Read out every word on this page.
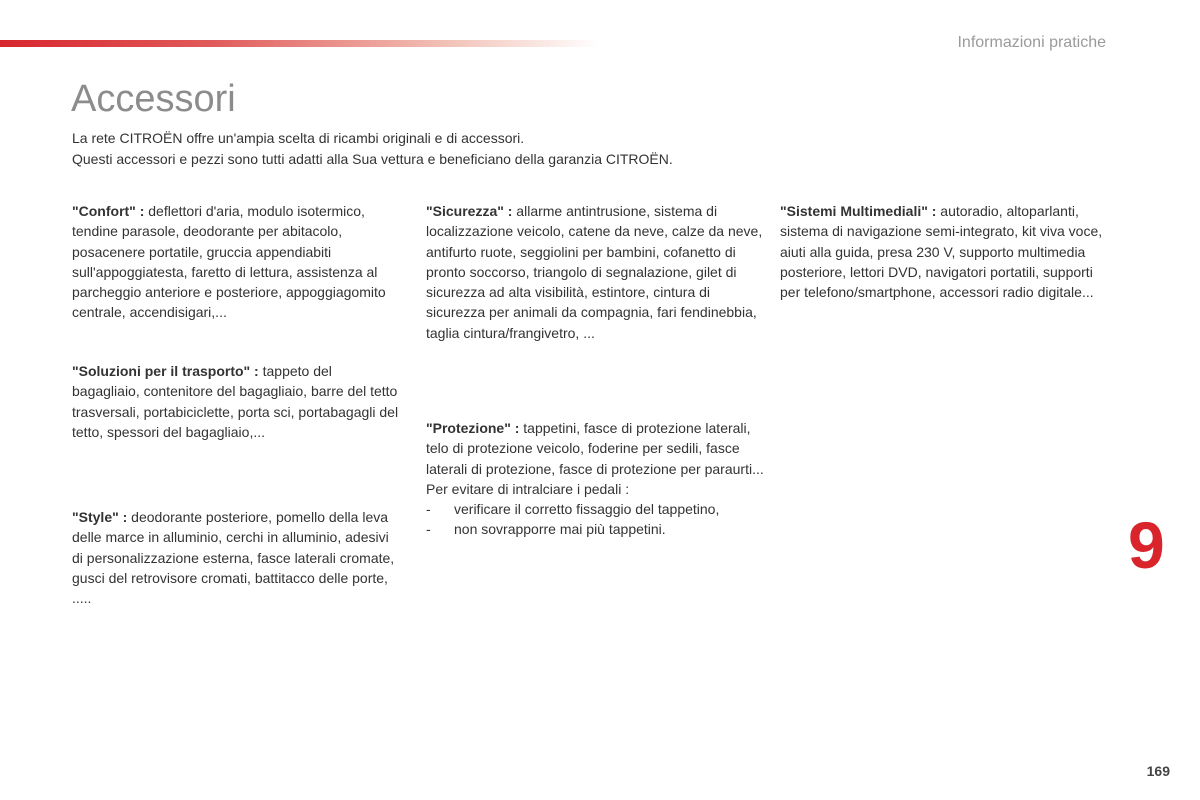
Informazioni pratiche
Accessori

La rete CITROËN offre un'ampia scelta di ricambi originali e di accessori.

Questi accessori e pezzi sono tutti adatti alla Sua vettura e beneficiano della garanzia CITROËN.

"Confort" : deflettori d'aria, modulo isotermico, tendine parasole, deodorante per abitacolo, posacenere portatile, gruccia appendiabiti sull'appoggiatesta, faretto di lettura, assistenza al parcheggio anteriore e posteriore, appoggiagomito centrale, accendisigari,...

"Soluzioni per il trasporto" : tappeto del bagagliaio, contenitore del bagagliaio, barre del tetto trasversali, portabiciclette, porta sci, portabagagli del tetto, spessori del bagagliaio,...

"Style" : deodorante posteriore, pomello della leva delle marce in alluminio, cerchi in alluminio, adesivi di personalizzazione esterna, fasce laterali cromate, gusci del retrovisore cromati, battitacco delle porte, .....

"Sicurezza" : allarme antintrusione, sistema di localizzazione veicolo, catene da neve, calze da neve, antifurto ruote, seggiolini per bambini, cofanetto di pronto soccorso, triangolo di segnalazione, gilet di sicurezza ad alta visibilità, estintore, cintura di sicurezza per animali da compagnia, fari fendinebbia, taglia cintura/frangivetro, ...

"Protezione" : tappetini, fasce di protezione laterali, telo di protezione veicolo, foderine per sedili, fasce laterali di protezione, fasce di protezione per paraurti...

Per evitare di intralciare i pedali :

-	verificare il corretto fissaggio del tappetino,
-	non sovrapporre mai più tappetini.

"Sistemi Multimediali" : autoradio, altoparlanti, sistema di navigazione semi-integrato, kit viva voce, aiuti alla guida, presa 230 V, supporto multimedia posteriore, lettori DVD, navigatori portatili, supporti per telefono/smartphone, accessori radio digitale...

9
169
